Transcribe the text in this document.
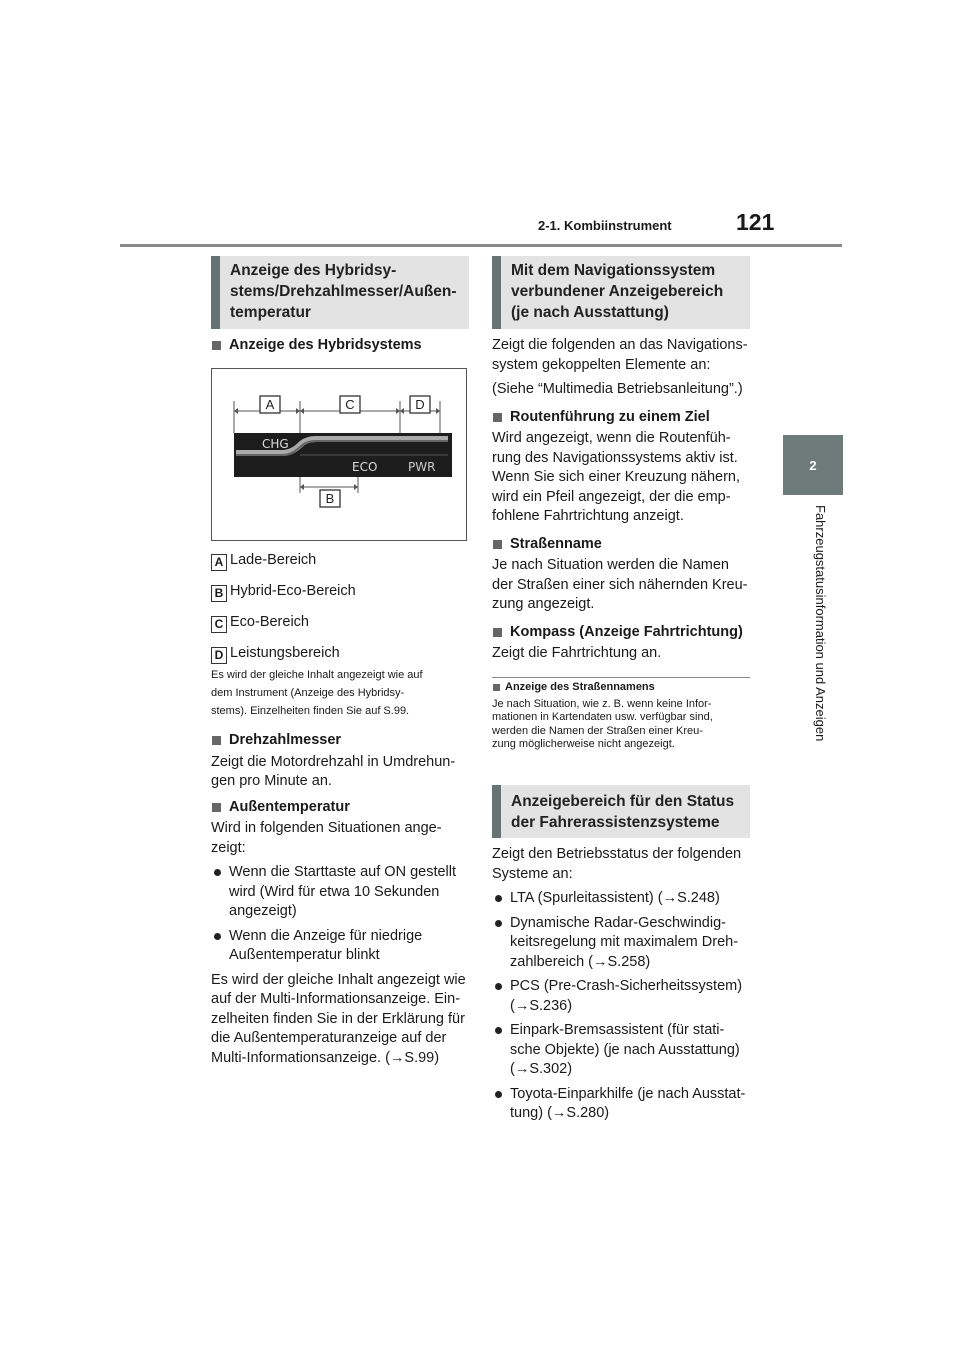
2-1. Kombiinstrument	121
2
Fahrzeugstatusinformation und Anzeigen
Anzeige des Hybridsy-
stems/Drehzahlmesser/Außen-
temperatur

Anzeige des Hybridsystems

A	C	D
CHG
ECO	PWR
B
A Lade-Bereich
B Hybrid-Eco-Bereich
C Eco-Bereich
D Leistungsbereich

Es wird der gleiche Inhalt angezeigt wie auf

dem Instrument (Anzeige des Hybridsy-

stems). Einzelheiten finden Sie auf S.99.

Drehzahlmesser

Zeigt die Motordrehzahl in Umdrehun-

gen pro Minute an.

Außentemperatur

Wird in folgenden Situationen ange-

zeigt:

Wenn die Starttaste auf ON gestellt

wird (Wird für etwa 10 Sekunden

angezeigt)

Wenn die Anzeige für niedrige

Außentemperatur blinkt

Es wird der gleiche Inhalt angezeigt wie

auf der Multi-Informationsanzeige. Ein-

zelheiten finden Sie in der Erklärung für

die Außentemperaturanzeige auf der

Multi-Informationsanzeige. (→S.99)

Mit dem Navigationssystem
verbundener Anzeigebereich
(je nach Ausstattung)

Zeigt die folgenden an das Navigations-

system gekoppelten Elemente an:

(Siehe “Multimedia Betriebsanleitung”.)

Routenführung zu einem Ziel

Wird angezeigt, wenn die Routenfüh-

rung des Navigationssystems aktiv ist.

Wenn Sie sich einer Kreuzung nähern,

wird ein Pfeil angezeigt, der die emp-

fohlene Fahrtrichtung anzeigt.

Straßenname

Je nach Situation werden die Namen

der Straßen einer sich nähernden Kreu-

zung angezeigt.

Kompass (Anzeige Fahrtrichtung)

Zeigt die Fahrtrichtung an.

Anzeige des Straßennamens

Je nach Situation, wie z. B. wenn keine Infor-

mationen in Kartendaten usw. verfügbar sind,

werden die Namen der Straßen einer Kreu-

zung möglicherweise nicht angezeigt.

Anzeigebereich für den Status
der Fahrerassistenzsysteme

Zeigt den Betriebsstatus der folgenden

Systeme an:

LTA (Spurleitassistent) (→S.248)

Dynamische Radar-Geschwindig-

keitsregelung mit maximalem Dreh-

zahlbereich (→S.258)

PCS (Pre-Crash-Sicherheitssystem)

(→S.236)

Einpark-Bremsassistent (für stati-

sche Objekte) (je nach Ausstattung)

(→S.302)

Toyota-Einparkhilfe (je nach Ausstat-

tung) (→S.280)
